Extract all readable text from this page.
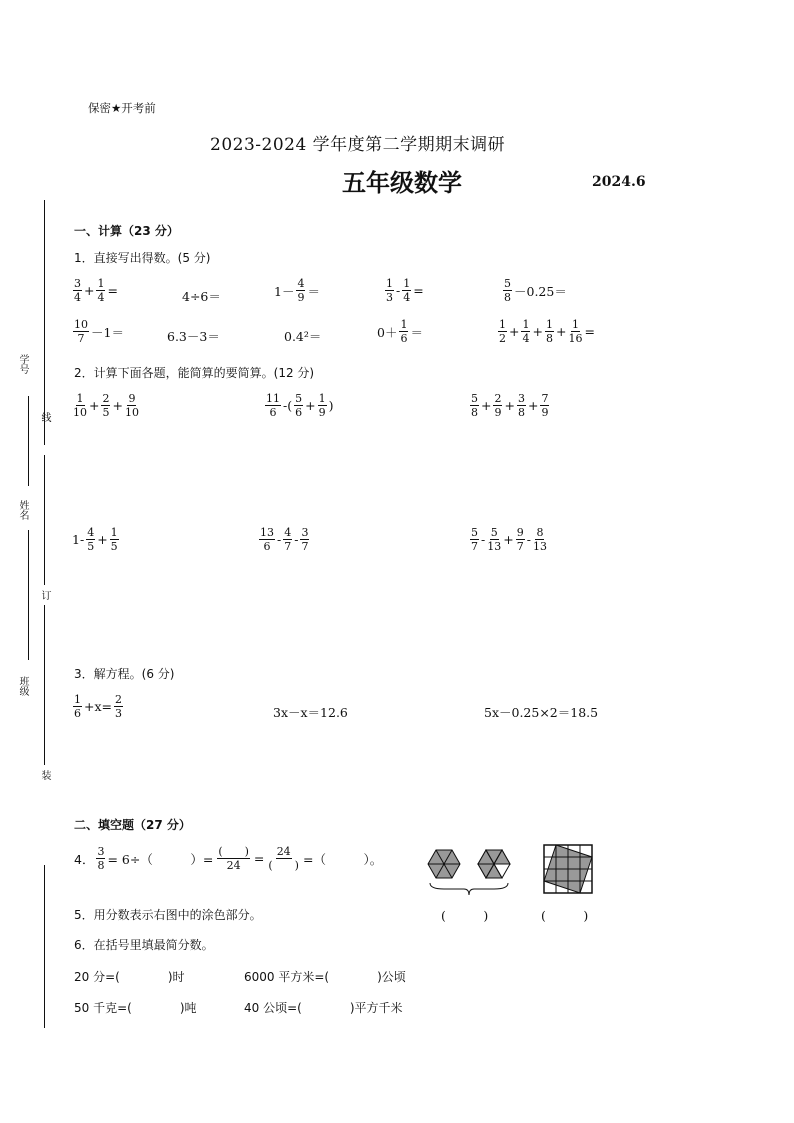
保密★开考前
2023-2024 学年度第二学期期末调研
五年级数学	2024.6
学号
线
姓名
订
班级
装
一、计算（23 分）
1．直接写出得数。(5 分)
$\frac{3}{4} + \frac{1}{4}$ =	4÷6＝	$1- \frac{4}{9}$ ＝	$\frac{1}{3} - \frac{1}{4}$ =	$\frac{5}{8} -0.25=$
$\frac{10}{7} -1=$	6.3－3＝	0.4²＝	$0+ \frac{1}{6}$ ＝	$\frac{1}{2} + \frac{1}{4} + \frac{1}{8} + \frac{1}{16}$ =
2．计算下面各题，能简算的要简算。(12 分)
$\frac{1}{10} + \frac{2}{5} + \frac{9}{10}$	$\frac{11}{6}$ -( $\frac{5}{6} + \frac{1}{9}$ )	$\frac{5}{8} + \frac{2}{9} + \frac{3}{8} + \frac{7}{9}$
$1- \frac{4}{5} + \frac{1}{5}$	$\frac{13}{6} - \frac{4}{7} - \frac{3}{7}$	$\frac{5}{7} - \frac{5}{13} + \frac{9}{7} - \frac{8}{13}$
3．解方程。(6 分)
$\frac{1}{6} +x= \frac{2}{3}$	3x－x＝12.6	5x－0.25×2＝18.5
二、填空题（27 分）
4． $\frac{3}{8} = 6\div$（　　　）= $\frac{( )}{24} = \frac{24}{( )}$ =（　　　）。
5．用分数表示右图中的涂色部分。	(　　　)	(　　　)
6．在括号里填最简分数。
20 分=(　　　　)时	6000 平方米=(　　　　)公顷
50 千克=(　　　　)吨	40 公顷=(　　　　)平方千米
